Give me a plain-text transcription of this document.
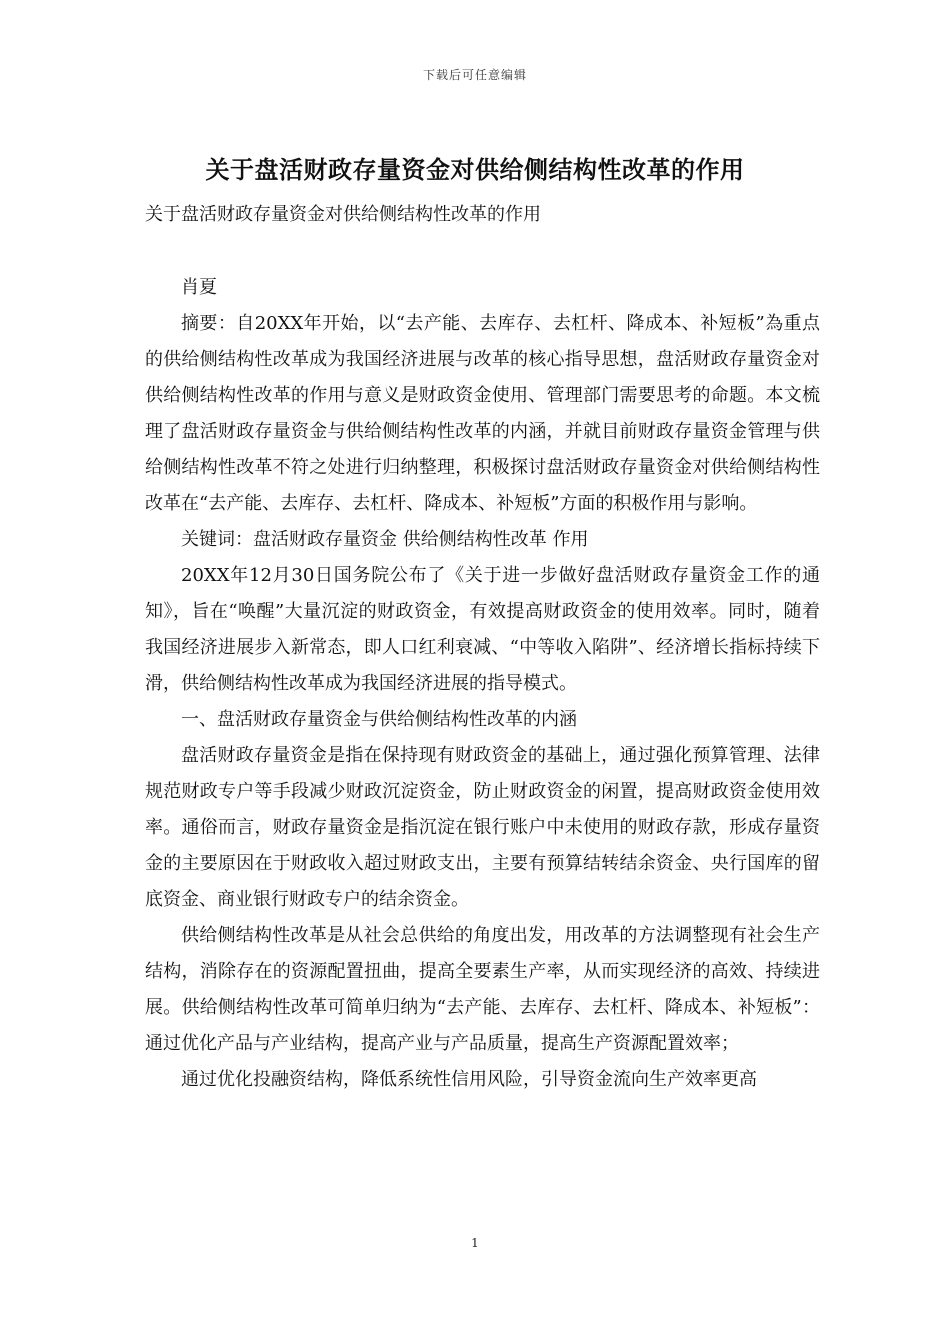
下载后可任意编辑
关于盘活财政存量资金对供给侧结构性改革的作用

关于盘活财政存量资金对供给侧结构性改革的作用

肖夏

摘要：自20XX年开始，以“去产能、去库存、去杠杆、降成本、补短板”為重点的供给侧结构性改革成为我国经济进展与改革的核心指导思想，盘活财政存量资金对供给侧结构性改革的作用与意义是财政资金使用、管理部门需要思考的命题。本文梳理了盘活财政存量资金与供给侧结构性改革的内涵，并就目前财政存量资金管理与供给侧结构性改革不符之处进行归纳整理，积极探讨盘活财政存量资金对供给侧结构性改革在“去产能、去库存、去杠杆、降成本、补短板”方面的积极作用与影响。

关键词：盘活财政存量资金 供给侧结构性改革 作用

20XX年12月30日国务院公布了《关于进一步做好盘活财政存量资金工作的通知》，旨在“唤醒”大量沉淀的财政资金，有效提高财政资金的使用效率。同时，随着我国经济进展步入新常态，即人口红利衰减、“中等收入陷阱”、经济增长指标持续下滑，供给侧结构性改革成为我国经济进展的指导模式。

一、盘活财政存量资金与供给侧结构性改革的内涵

盘活财政存量资金是指在保持现有财政资金的基础上，通过强化预算管理、法律规范财政专户等手段减少财政沉淀资金，防止财政资金的闲置，提高财政资金使用效率。通俗而言，财政存量资金是指沉淀在银行账户中未使用的财政存款，形成存量资金的主要原因在于财政收入超过财政支出，主要有预算结转结余资金、央行国库的留底资金、商业银行财政专户的结余资金。

供给侧结构性改革是从社会总供给的角度出发，用改革的方法调整现有社会生产结构，消除存在的资源配置扭曲，提高全要素生产率，从而实现经济的高效、持续进展。供给侧结构性改革可简单归纳为“去产能、去库存、去杠杆、降成本、补短板”：通过优化产品与产业结构，提高产业与产品质量，提高生产资源配置效率；

通过优化投融资结构，降低系统性信用风险，引导资金流向生产效率更高

1
